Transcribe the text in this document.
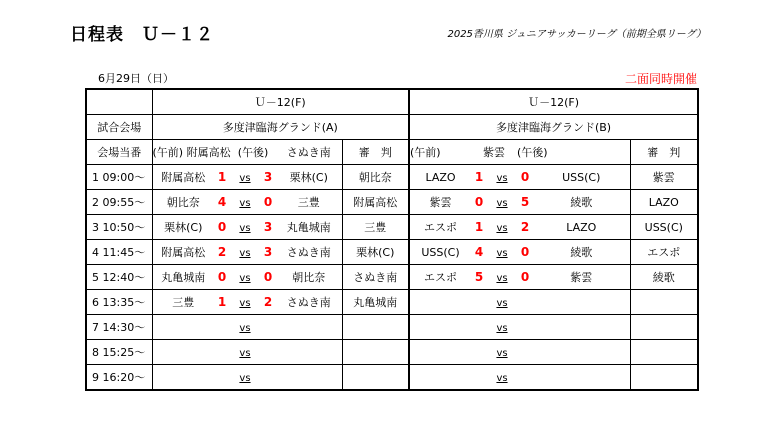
日程表　Ｕ－１２	2025香川県 ジュニアサッカーリーグ（前期全県リーグ）
6月29日（日）	二面同時開催
	Ｕ－12(F)						Ｕ－12(F)					
試合会場	多度津臨海グランド(A)						多度津臨海グランド(B)					
会場当番	(午前) 附属高松		(午後)		さぬき南	審　判	(午前)	紫雲		(午後)		審　判
1 09:00～	附属高松	1	vs	3	栗林(C)	朝比奈	LAZO	1	vs	0	USS(C)	紫雲
2 09:55～	朝比奈	4	vs	0	三豊	附属高松	紫雲	0	vs	5	綾歌	LAZO
3 10:50～	栗林(C)	0	vs	3	丸亀城南	三豊	エスポ	1	vs	2	LAZO	USS(C)
4 11:45～	附属高松	2	vs	3	さぬき南	栗林(C)	USS(C)	4	vs	0	綾歌	エスポ
5 12:40～	丸亀城南	0	vs	0	朝比奈	さぬき南	エスポ	5	vs	0	紫雲	綾歌
6 13:35～	三豊	1	vs	2	さぬき南	丸亀城南			vs			
7 14:30～			vs						vs			
8 15:25～			vs						vs			
9 16:20～			vs						vs			
